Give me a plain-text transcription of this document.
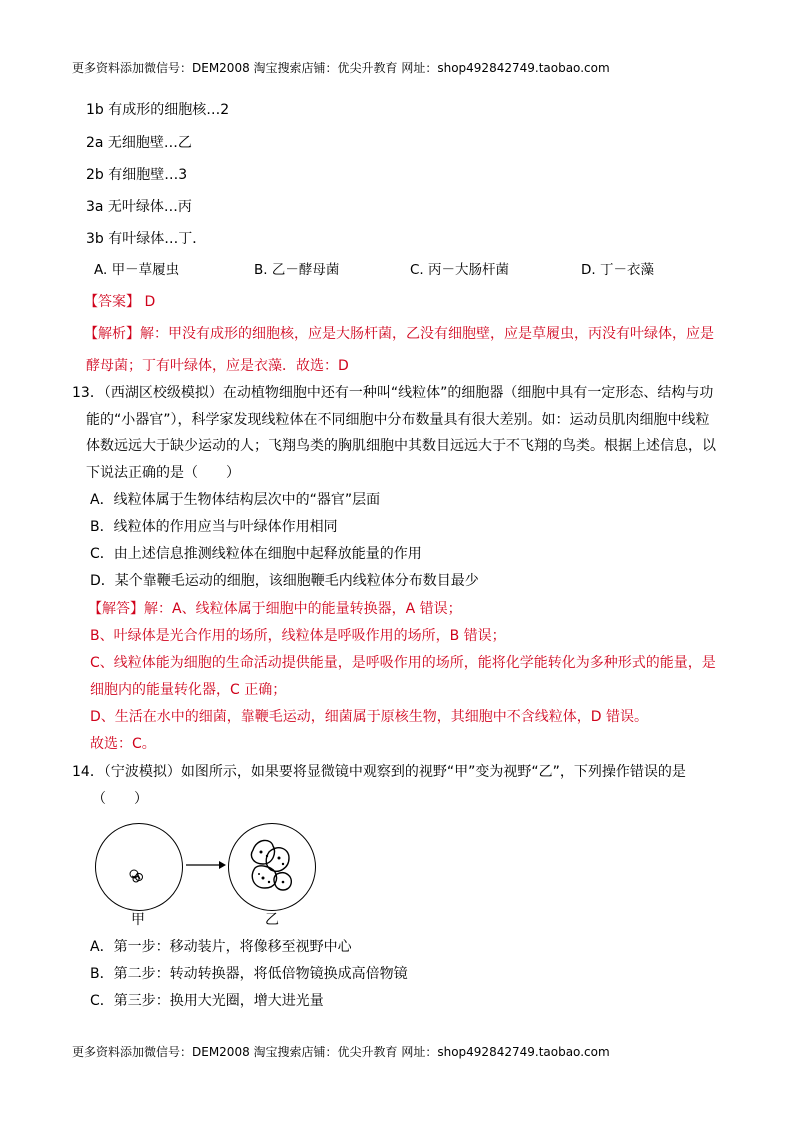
更多资料添加微信号：DEM2008 淘宝搜索店铺：优尖升教育 网址：shop492842749.taobao.com
1b 有成形的细胞核…2
2a 无细胞壁…乙
2b 有细胞壁…3
3a 无叶绿体…丙
3b 有叶绿体…丁．
A. 甲－草履虫	B. 乙－酵母菌	C. 丙－大肠杆菌	D. 丁－衣藻
【答案】 D
【解析】解：甲没有成形的细胞核，应是大肠杆菌，乙没有细胞壁，应是草履虫，丙没有叶绿体，应是
酵母菌；丁有叶绿体，应是衣藻．故选：D
13．（西湖区校级模拟）在动植物细胞中还有一种叫“线粒体”的细胞器（细胞中具有一定形态、结构与功
能的“小器官”），科学家发现线粒体在不同细胞中分布数量具有很大差别。如：运动员肌肉细胞中线粒
体数远远大于缺少运动的人；飞翔鸟类的胸肌细胞中其数目远远大于不飞翔的鸟类。根据上述信息，以
下说法正确的是（　　）
A．线粒体属于生物体结构层次中的“器官”层面
B．线粒体的作用应当与叶绿体作用相同
C．由上述信息推测线粒体在细胞中起释放能量的作用
D．某个靠鞭毛运动的细胞，该细胞鞭毛内线粒体分布数目最少
【解答】解：A、线粒体属于细胞中的能量转换器，A 错误；
B、叶绿体是光合作用的场所，线粒体是呼吸作用的场所，B 错误；
C、线粒体能为细胞的生命活动提供能量，是呼吸作用的场所，能将化学能转化为多种形式的能量，是
细胞内的能量转化器，C 正确；
D、生活在水中的细菌，靠鞭毛运动，细菌属于原核生物，其细胞中不含线粒体，D 错误。
故选：C。
14．（宁波模拟）如图所示，如果要将显微镜中观察到的视野“甲”变为视野“乙”，下列操作错误的是
（　　）
甲	乙
A．第一步：移动装片，将像移至视野中心
B．第二步：转动转换器，将低倍物镜换成高倍物镜
C．第三步：换用大光圈，增大进光量
更多资料添加微信号：DEM2008 淘宝搜索店铺：优尖升教育 网址：shop492842749.taobao.com
